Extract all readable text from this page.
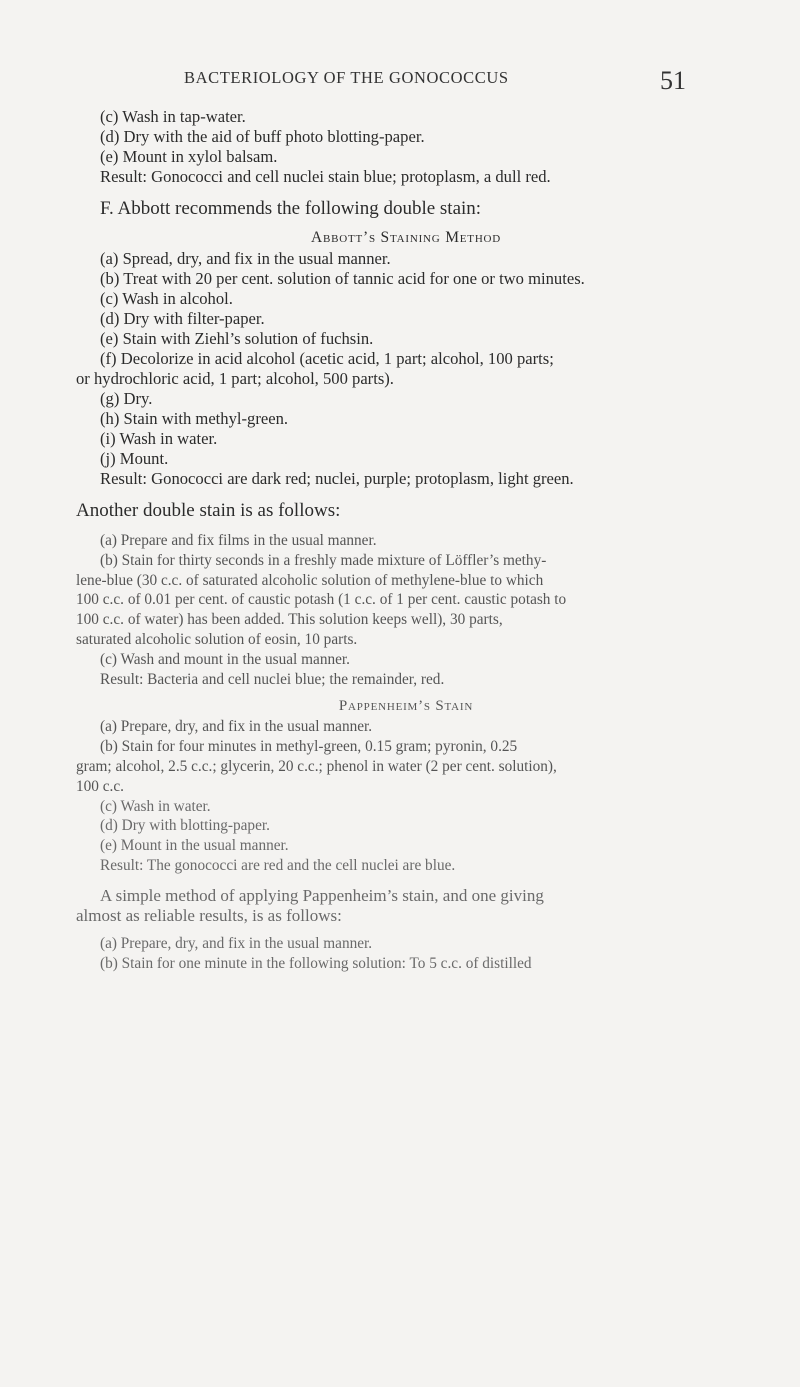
BACTERIOLOGY OF THE GONOCOCCUS	51
(c) Wash in tap-water.
(d) Dry with the aid of buff photo blotting-paper.
(e) Mount in xylol balsam.
Result: Gonococci and cell nuclei stain blue; protoplasm, a dull red.
F. Abbott recommends the following double stain:
Abbott’s Staining Method
(a) Spread, dry, and fix in the usual manner.
(b) Treat with 20 per cent. solution of tannic acid for one or two minutes.
(c) Wash in alcohol.
(d) Dry with filter-paper.
(e) Stain with Ziehl’s solution of fuchsin.
(f) Decolorize in acid alcohol (acetic acid, 1 part; alcohol, 100 parts;
or hydrochloric acid, 1 part; alcohol, 500 parts).
(g) Dry.
(h) Stain with methyl-green.
(i) Wash in water.
(j) Mount.
Result: Gonococci are dark red; nuclei, purple; protoplasm, light green.
Another double stain is as follows:
(a) Prepare and fix films in the usual manner.
(b) Stain for thirty seconds in a freshly made mixture of Löffler’s methy-
lene-blue (30 c.c. of saturated alcoholic solution of methylene-blue to which
100 c.c. of 0.01 per cent. of caustic potash (1 c.c. of 1 per cent. caustic potash to
100 c.c. of water) has been added. This solution keeps well), 30 parts,
saturated alcoholic solution of eosin, 10 parts.
(c) Wash and mount in the usual manner.
Result: Bacteria and cell nuclei blue; the remainder, red.
Pappenheim’s Stain
(a) Prepare, dry, and fix in the usual manner.
(b) Stain for four minutes in methyl-green, 0.15 gram; pyronin, 0.25
gram; alcohol, 2.5 c.c.; glycerin, 20 c.c.; phenol in water (2 per cent. solution),
100 c.c.
(c) Wash in water.
(d) Dry with blotting-paper.
(e) Mount in the usual manner.
Result: The gonococci are red and the cell nuclei are blue.
A simple method of applying Pappenheim’s stain, and one giving
almost as reliable results, is as follows:
(a) Prepare, dry, and fix in the usual manner.
(b) Stain for one minute in the following solution: To 5 c.c. of distilled
